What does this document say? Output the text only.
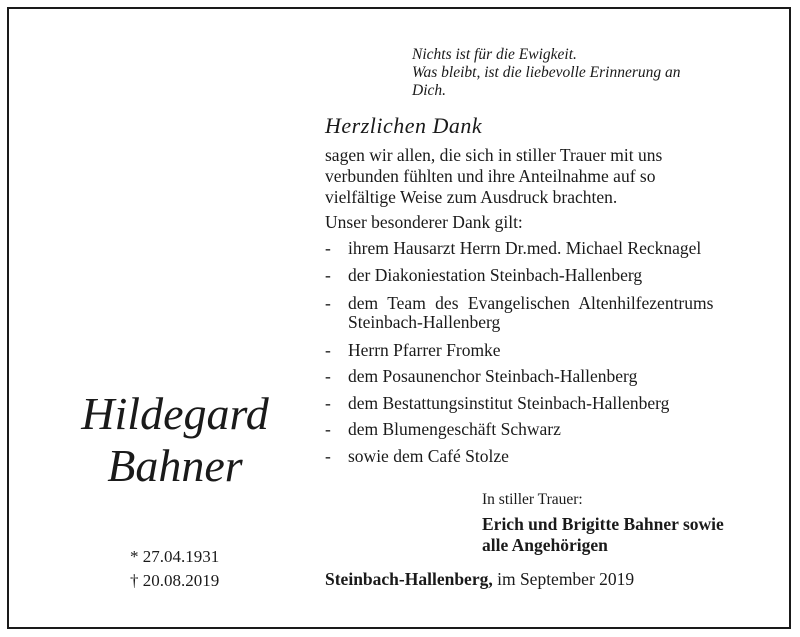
Nichts ist für die Ewigkeit.
Was bleibt, ist die liebevolle Erinnerung an
Dich.
Herzlichen Dank
sagen wir allen, die sich in stiller Trauer mit uns
verbunden fühlten und ihre Anteilnahme auf so
vielfältige Weise zum Ausdruck brachten.
Unser besonderer Dank gilt:
- ihrem Hausarzt Herrn Dr.med. Michael Recknagel
- der Diakoniestation Steinbach-Hallenberg
- dem Team des Evangelischen Altenhilfezentrums
Steinbach-Hallenberg
- Herrn Pfarrer Fromke
- dem Posaunenchor Steinbach-Hallenberg
- dem Bestattungsinstitut Steinbach-Hallenberg
- dem Blumengeschäft Schwarz
- sowie dem Café Stolze
Hildegard
Bahner
* 27.04.1931
† 20.08.2019
In stiller Trauer:
Erich und Brigitte Bahner sowie
alle Angehörigen
Steinbach-Hallenberg, im September 2019
